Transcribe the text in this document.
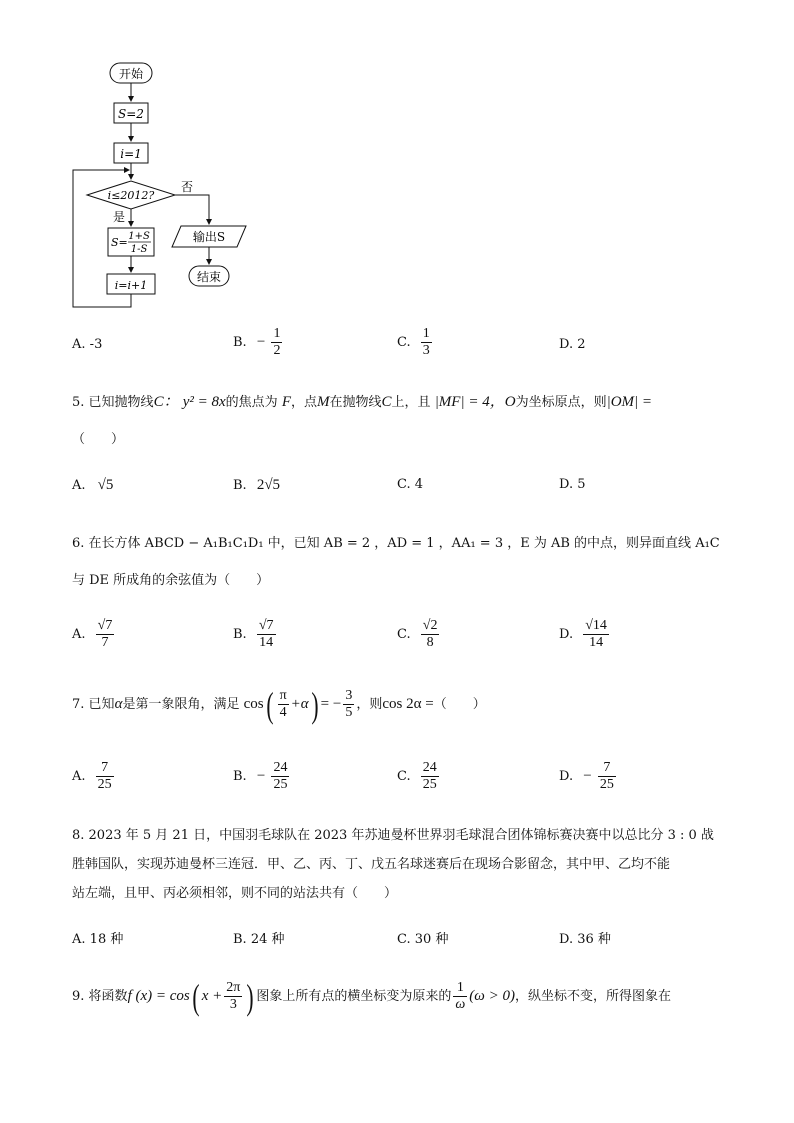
开始
S=2
i=1
i≤2012?
否
是
S= 1+S
1-S
i=i+1
输出S
结束
A. -3	B. − $\frac{1}{2}$	C. $\frac{1}{3}$	D. 2
5. 已知抛物线C： y² = 8x的焦点为 F，点M在抛物线C上，且 |MF| = 4，O为坐标原点，则|OM| =
（　　）
A. √5	B. 2√5	C. 4	D. 5
6. 在长方体 ABCD − A₁B₁C₁D₁ 中，已知 AB = 2 ，AD = 1 ，AA₁ = 3 ，E 为 AB 的中点，则异面直线 A₁C
与 DE 所成角的余弦值为（　　）
A. $\frac{√7}{7}$	B. $\frac{√7}{14}$	C. $\frac{√2}{8}$	D. $\frac{√14}{14}$
7. 已知α是第一象限角，满足 $\cos( \frac{\pi}{4} +\alpha)$ = − $\frac{3}{5}$ ，则cos 2α =（　　）
A. $\frac{7}{25}$	B. − $\frac{24}{25}$	C. $\frac{24}{25}$	D. − $\frac{7}{25}$
8. 2023 年 5 月 21 日，中国羽毛球队在 2023 年苏迪曼杯世界羽毛球混合团体锦标赛决赛中以总比分 3 : 0 战
胜韩国队，实现苏迪曼杯三连冠．甲、乙、丙、丁、戊五名球迷赛后在现场合影留念，其中甲、乙均不能
站左端，且甲、丙必须相邻，则不同的站法共有（　　）
A. 18 种	B. 24 种	C. 30 种	D. 36 种
9. 将函数f (x) = cos( $x + \frac{2\pi}{3}$ ) 图象上所有点的横坐标变为原来的 $\frac{1}{\omega} (\omega > 0)$，纵坐标不变，所得图象在
